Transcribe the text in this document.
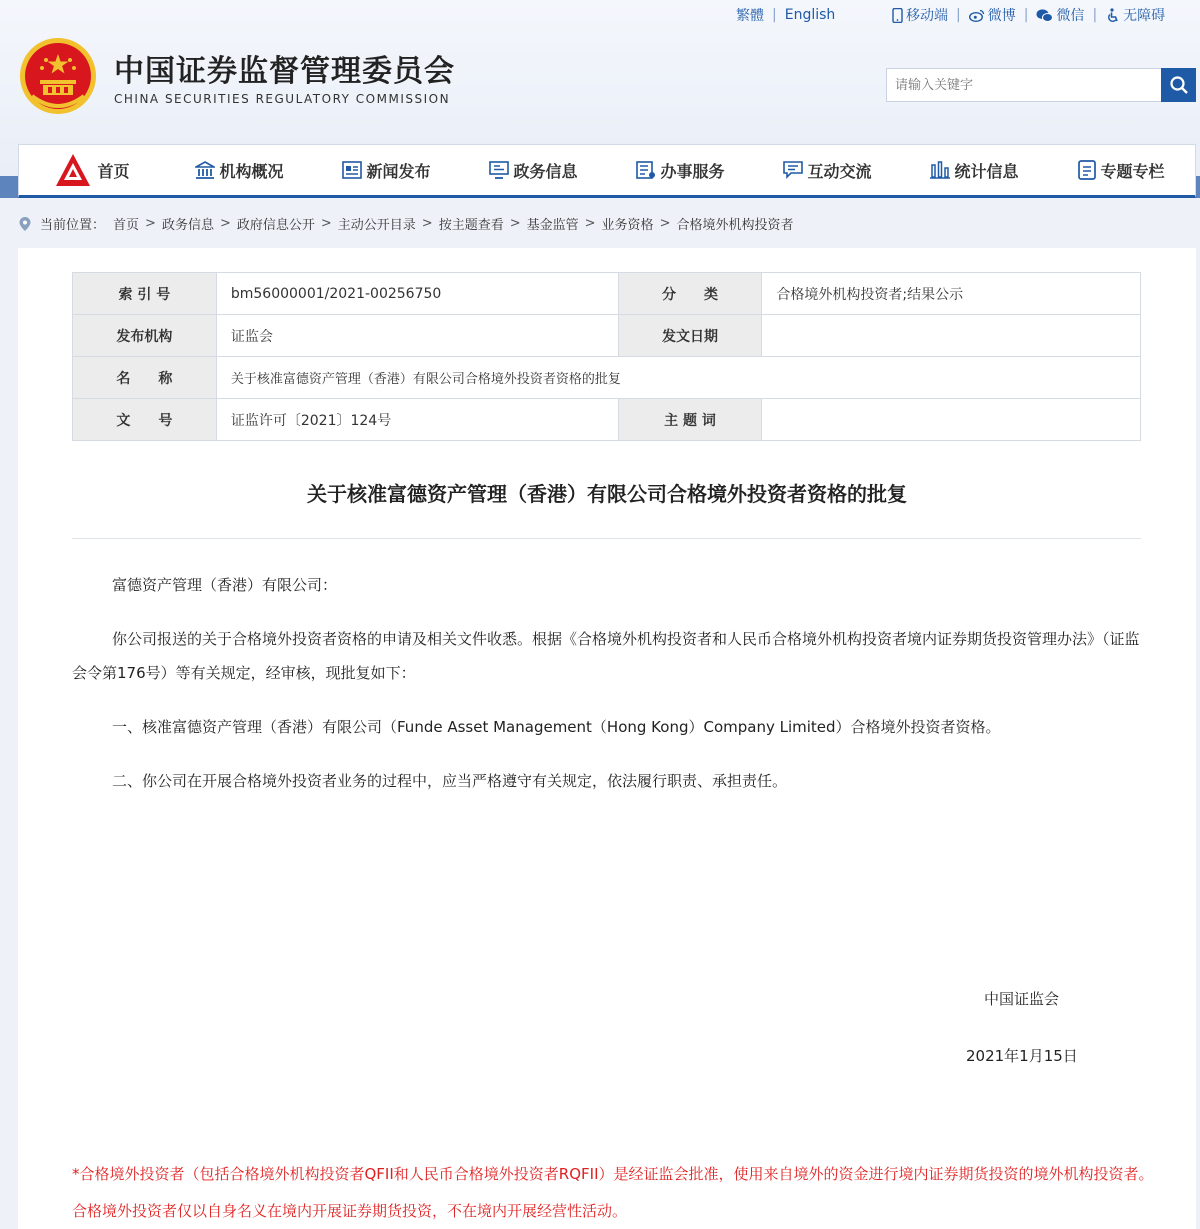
繁體 | English	移动端 | 微博 | 微信 | 无障碍
中国证券监督管理委员会
CHINA SECURITIES REGULATORY COMMISSION
请输入关键字
首页	机构概况	新闻发布	政务信息	办事服务	互动交流	统计信息	专题专栏
当前位置： 首页 > 政务信息 > 政府信息公开 > 主动公开目录 > 按主题查看 > 基金监管 > 业务资格 > 合格境外机构投资者
索 引 号	bm56000001/2021-00256750	分　　类	合格境外机构投资者;结果公示
发布机构	证监会	发文日期	
名　　称	关于核准富德资产管理（香港）有限公司合格境外投资者资格的批复		
文　　号	证监许可〔2021〕124号	主 题 词	
关于核准富德资产管理（香港）有限公司合格境外投资者资格的批复
富德资产管理（香港）有限公司：
你公司报送的关于合格境外投资者资格的申请及相关文件收悉。根据《合格境外机构投资者和人民币合格境外机构投资者境内证券期货投资管理办法》（证监会令第176号）等有关规定，经审核，现批复如下：
一、核准富德资产管理（香港）有限公司（Funde Asset Management（Hong Kong）Company Limited）合格境外投资者资格。
二、你公司在开展合格境外投资者业务的过程中，应当严格遵守有关规定，依法履行职责、承担责任。
中国证监会
2021年1月15日
*合格境外投资者（包括合格境外机构投资者QFII和人民币合格境外投资者RQFII）是经证监会批准，使用来自境外的资金进行境内证券期货投资的境外机构投资者。合格境外投资者仅以自身名义在境内开展证券期货投资，不在境内开展经营性活动。
